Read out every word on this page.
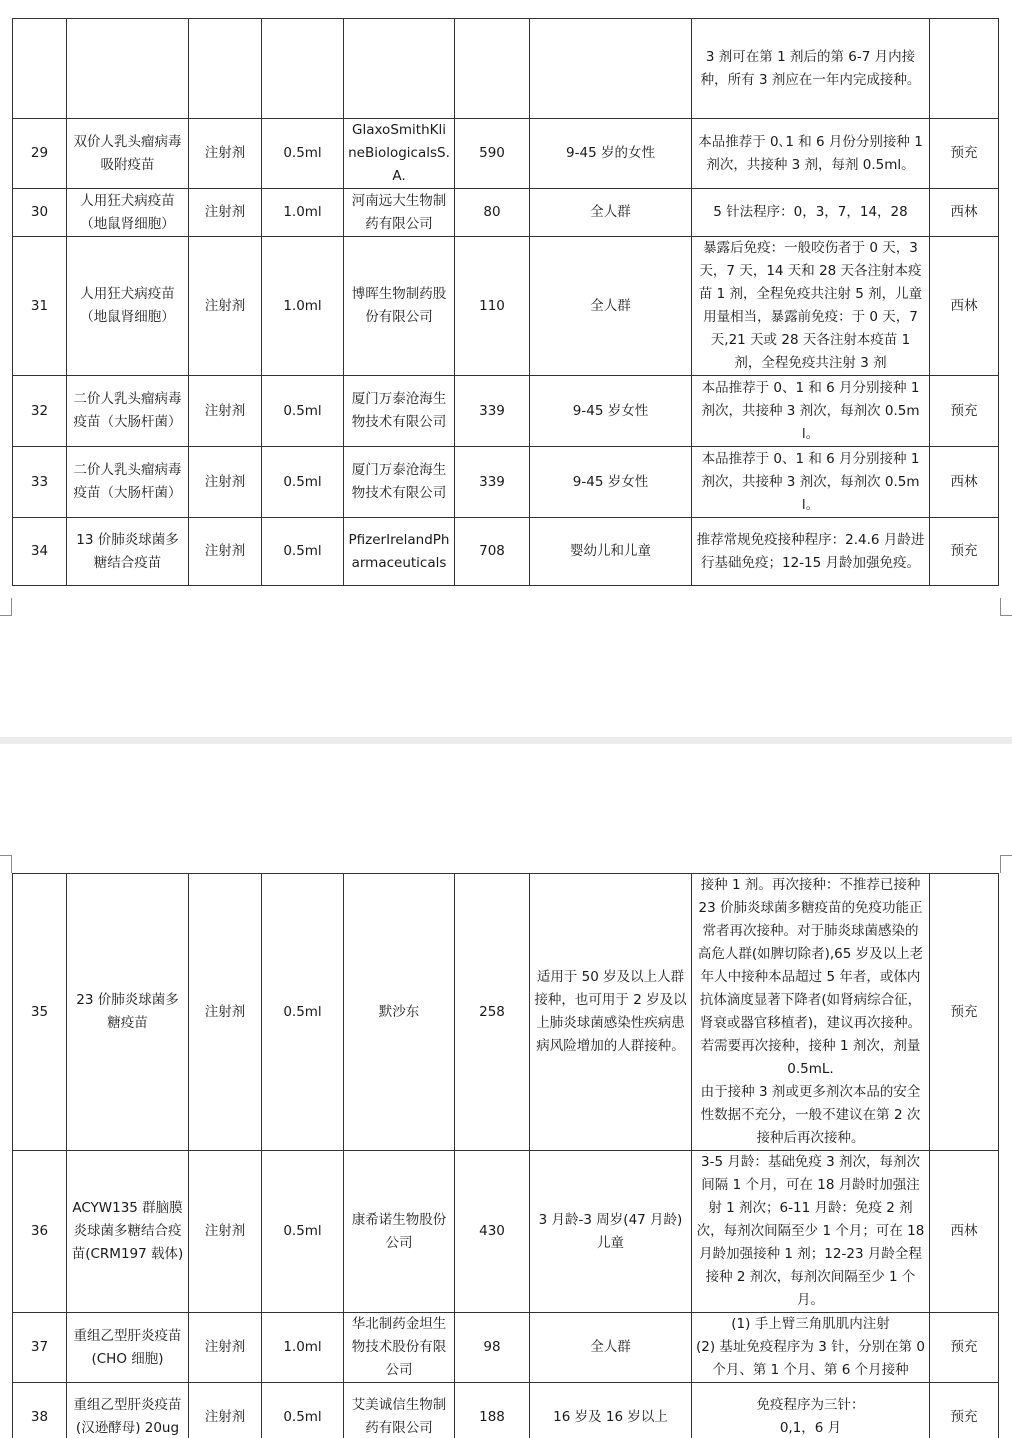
							3 剂可在第 1 剂后的第 6-7 月内接种，所有 3 剂应在一年内完成接种。	
29	双价人乳头瘤病毒吸附疫苗	注射剂	0.5ml	GlaxoSmithKlineBiologicalsS.A.	590	9-45 岁的女性	本品推荐于 0､1 和 6 月份分别接种 1 剂次，共接种 3 剂，每剂 0.5ml。	预充
30	人用狂犬病疫苗（地鼠肾细胞）	注射剂	1.0ml	河南远大生物制药有限公司	80	全人群	5 针法程序：0，3，7，14，28	西林
31	人用狂犬病疫苗（地鼠肾细胞）	注射剂	1.0ml	博晖生物制药股份有限公司	110	全人群	暴露后免疫：一般咬伤者于 0 天，3 天，7 天，14 天和 28 天各注射本疫苗 1 剂，全程免疫共注射 5 剂，儿童用量相当，暴露前免疫：于 0 天，7 天,21 天或 28 天各注射本疫苗 1 剂，全程免疫共注射 3 剂	西林
32	二价人乳头瘤病毒疫苗（大肠杆菌）	注射剂	0.5ml	厦门万泰沧海生物技术有限公司	339	9-45 岁女性	本品推荐于 0、1 和 6 月分别接种 1 剂次，共接种 3 剂次，每剂次 0.5ml。	预充
33	二价人乳头瘤病毒疫苗（大肠杆菌）	注射剂	0.5ml	厦门万泰沧海生物技术有限公司	339	9-45 岁女性	本品推荐于 0、1 和 6 月分别接种 1 剂次，共接种 3 剂次，每剂次 0.5ml。	西林
34	13 价肺炎球菌多糖结合疫苗	注射剂	0.5ml	PfizerIrelandPharmaceuticals	708	婴幼儿和儿童	推荐常规免疫接种程序：2.4.6 月龄进行基础免疫；12-15 月龄加强免疫。	预充
35	23 价肺炎球菌多糖疫苗	注射剂	0.5ml	默沙东	258	适用于 50 岁及以上人群接种，也可用于 2 岁及以上肺炎球菌感染性疾病患病风险增加的人群接种。	接种 1 剂。再次接种：不推荐已接种 23 价肺炎球菌多糖疫苗的免疫功能正常者再次接种。对于肺炎球菌感染的高危人群(如脾切除者),65 岁及以上老年人中接种本品超过 5 年者，或体内抗体滴度显著下降者(如肾病综合征，肾衰或器官移植者)，建议再次接种。若需要再次接种，接种 1 剂次，剂量 0.5mL.
由于接种 3 剂或更多剂次本品的安全性数据不充分，一般不建议在第 2 次接种后再次接种。	预充
36	ACYW135 群脑膜炎球菌多糖结合疫苗(CRM197 载体)	注射剂	0.5ml	康希诺生物股份公司	430	3 月龄-3 周岁(47 月龄)儿童	3-5 月龄：基础免疫 3 剂次，每剂次间隔 1 个月，可在 18 月龄时加强注射 1 剂次；6-11 月龄：免疫 2 剂次，每剂次间隔至少 1 个月；可在 18 月龄加强接种 1 剂；12-23 月龄全程接种 2 剂次，每剂次间隔至少 1 个月。	西林
37	重组乙型肝炎疫苗(CHO 细胞)	注射剂	1.0ml	华北制药金坦生物技术股份有限公司	98	全人群	(1) 手上臂三角肌肌内注射
(2) 基址免疫程序为 3 针，分别在第 0 个月、第 1 个月、第 6 个月接种	预充
38	重组乙型肝炎疫苗(汉逊酵母) 20ug	注射剂	0.5ml	艾美诚信生物制药有限公司	188	16 岁及 16 岁以上	免疫程序为三针：
0,1，6 月	预充
